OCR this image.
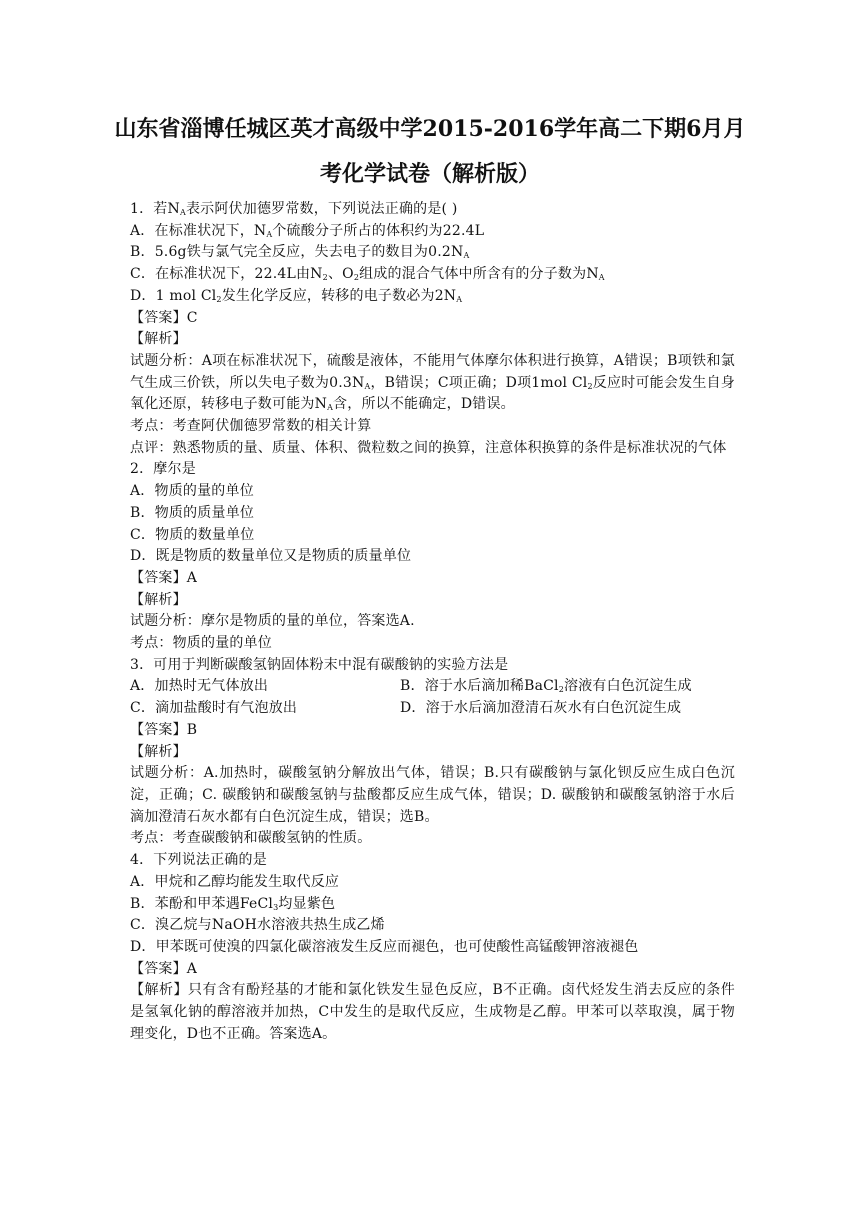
山东省淄博任城区英才高级中学2015-2016学年高二下期6月月
考化学试卷（解析版）
1．若$N_A$表示阿伏加德罗常数，下列说法正确的是( )
A．在标准状况下，$N_A$个硫酸分子所占的体积约为22.4L
B．5.6g铁与氯气完全反应，失去电子的数目为$0.2N_A$
C．在标准状况下，22.4L由$N_2$、$O_2$组成的混合气体中所含有的分子数为$N_A$
D．1 mol $Cl_2$发生化学反应，转移的电子数必为$2N_A$
【答案】C
【解析】
试题分析：A项在标准状况下，硫酸是液体，不能用气体摩尔体积进行换算，A错误；B项铁和氯气生成三价铁，所以失电子数为$0.3N_A$，B错误；C项正确；D项1mol $Cl_2$反应时可能会发生自身氧化还原，转移电子数可能为$N_A$含，所以不能确定，D错误。
考点：考查阿伏伽德罗常数的相关计算
点评：熟悉物质的量、质量、体积、微粒数之间的换算，注意体积换算的条件是标准状况的气体
2．摩尔是
A．物质的量的单位
B．物质的质量单位
C．物质的数量单位
D．既是物质的数量单位又是物质的质量单位
【答案】A
【解析】
试题分析：摩尔是物质的量的单位，答案选A.
考点：物质的量的单位
3．可用于判断碳酸氢钠固体粉末中混有碳酸钠的实验方法是
A．加热时无气体放出	B．溶于水后滴加稀BaCl$_2$溶液有白色沉淀生成
C．滴加盐酸时有气泡放出	D．溶于水后滴加澄清石灰水有白色沉淀生成
【答案】B
【解析】
试题分析：A.加热时，碳酸氢钠分解放出气体，错误；B.只有碳酸钠与氯化钡反应生成白色沉淀，正确；C. 碳酸钠和碳酸氢钠与盐酸都反应生成气体，错误；D. 碳酸钠和碳酸氢钠溶于水后滴加澄清石灰水都有白色沉淀生成，错误；选B。
考点：考查碳酸钠和碳酸氢钠的性质。
4．下列说法正确的是
A．甲烷和乙醇均能发生取代反应
B．苯酚和甲苯遇FeCl$_3$均显紫色
C．溴乙烷与NaOH水溶液共热生成乙烯
D．甲苯既可使溴的四氯化碳溶液发生反应而褪色，也可使酸性高锰酸钾溶液褪色
【答案】A
【解析】只有含有酚羟基的才能和氯化铁发生显色反应，B不正确。卤代烃发生消去反应的条件是氢氧化钠的醇溶液并加热，C中发生的是取代反应，生成物是乙醇。甲苯可以萃取溴，属于物理变化，D也不正确。答案选A。
